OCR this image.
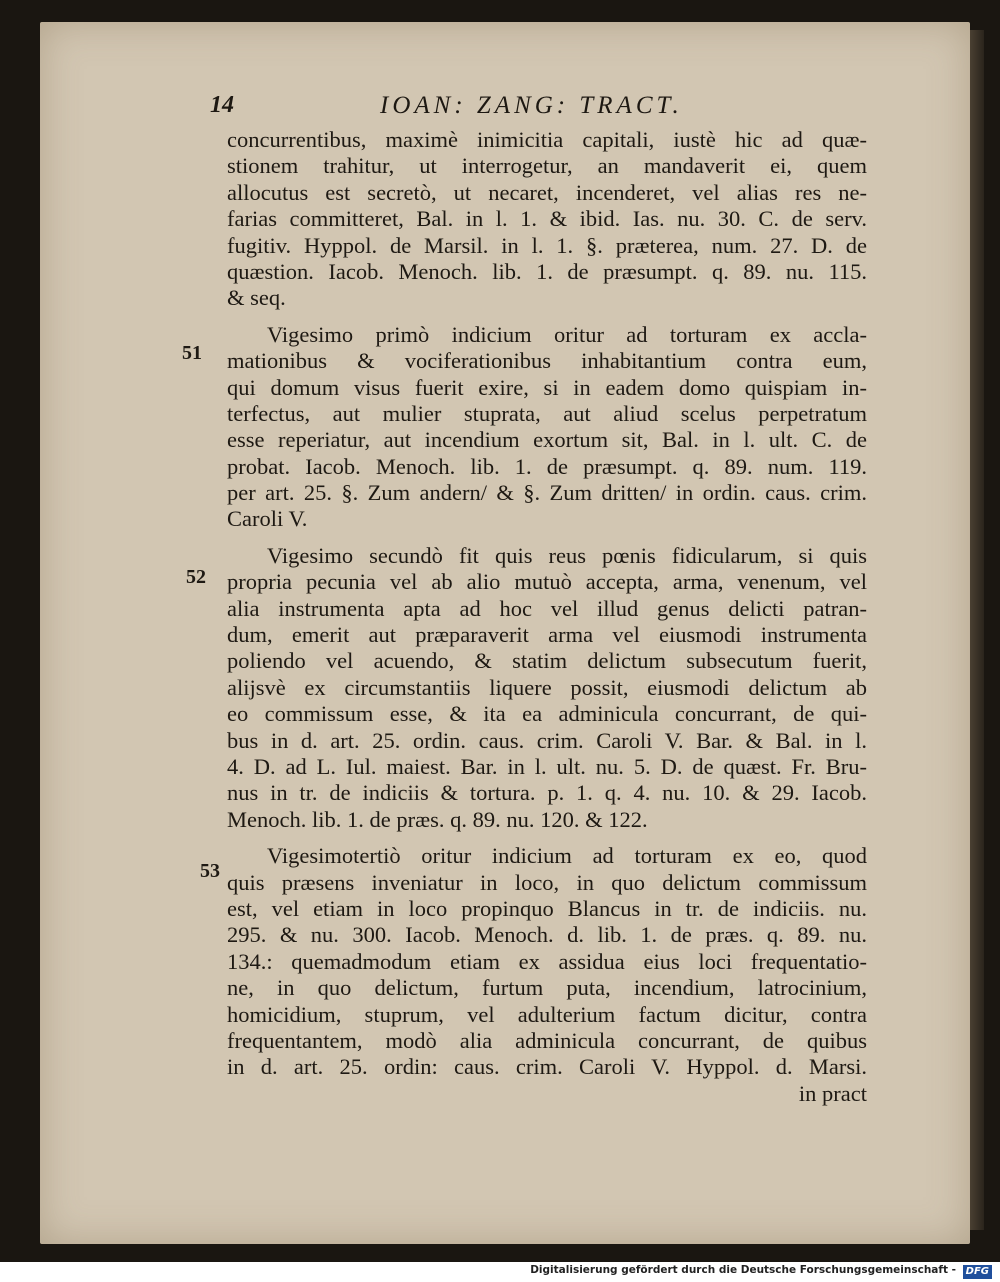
14	IOAN: ZANG: TRACT.
51
52
53
concurrentibus, maximè inimicitia capitali, iustè hic ad quæ-
stionem trahitur, ut interrogetur, an mandaverit ei, quem
allocutus est secretò, ut necaret, incenderet, vel alias res ne-
farias committeret, Bal. in l. 1. & ibid. Ias. nu. 30. C. de serv.
fugitiv. Hyppol. de Marsil. in l. 1. §. præterea, num. 27. D. de
quæstion. Iacob. Menoch. lib. 1. de præsumpt. q. 89. nu. 115.
& seq.
Vigesimo primò indicium oritur ad torturam ex accla-
mationibus & vociferationibus inhabitantium contra eum,
qui domum visus fuerit exire, si in eadem domo quispiam in-
terfectus, aut mulier stuprata, aut aliud scelus perpetratum
esse reperiatur, aut incendium exortum sit, Bal. in l. ult. C. de
probat. Iacob. Menoch. lib. 1. de præsumpt. q. 89. num. 119.
per art. 25. §. Zum andern/ & §. Zum dritten/ in ordin. caus. crim.
Caroli V.
Vigesimo secundò fit quis reus pœnis fidicularum, si quis
propria pecunia vel ab alio mutuò accepta, arma, venenum, vel
alia instrumenta apta ad hoc vel illud genus delicti patran-
dum, emerit aut præparaverit arma vel eiusmodi instrumenta
poliendo vel acuendo, & statim delictum subsecutum fuerit,
alijsvè ex circumstantiis liquere possit, eiusmodi delictum ab
eo commissum esse, & ita ea adminicula concurrant, de qui-
bus in d. art. 25. ordin. caus. crim. Caroli V. Bar. & Bal. in l.
4. D. ad L. Iul. maiest. Bar. in l. ult. nu. 5. D. de quæst. Fr. Bru-
nus in tr. de indiciis & tortura. p. 1. q. 4. nu. 10. & 29. Iacob.
Menoch. lib. 1. de præs. q. 89. nu. 120. & 122.
Vigesimotertiò oritur indicium ad torturam ex eo, quod
quis præsens inveniatur in loco, in quo delictum commissum
est, vel etiam in loco propinquo Blancus in tr. de indiciis. nu.
295. & nu. 300. Iacob. Menoch. d. lib. 1. de præs. q. 89. nu.
134.: quemadmodum etiam ex assidua eius loci frequentatio-
ne, in quo delictum, furtum puta, incendium, latrocinium,
homicidium, stuprum, vel adulterium factum dicitur, contra
frequentantem, modò alia adminicula concurrant, de quibus
in d. art. 25. ordin: caus. crim. Caroli V. Hyppol. d. Marsi.
in pract
Digitalisierung gefördert durch die Deutsche Forschungsgemeinschaft - DFG
